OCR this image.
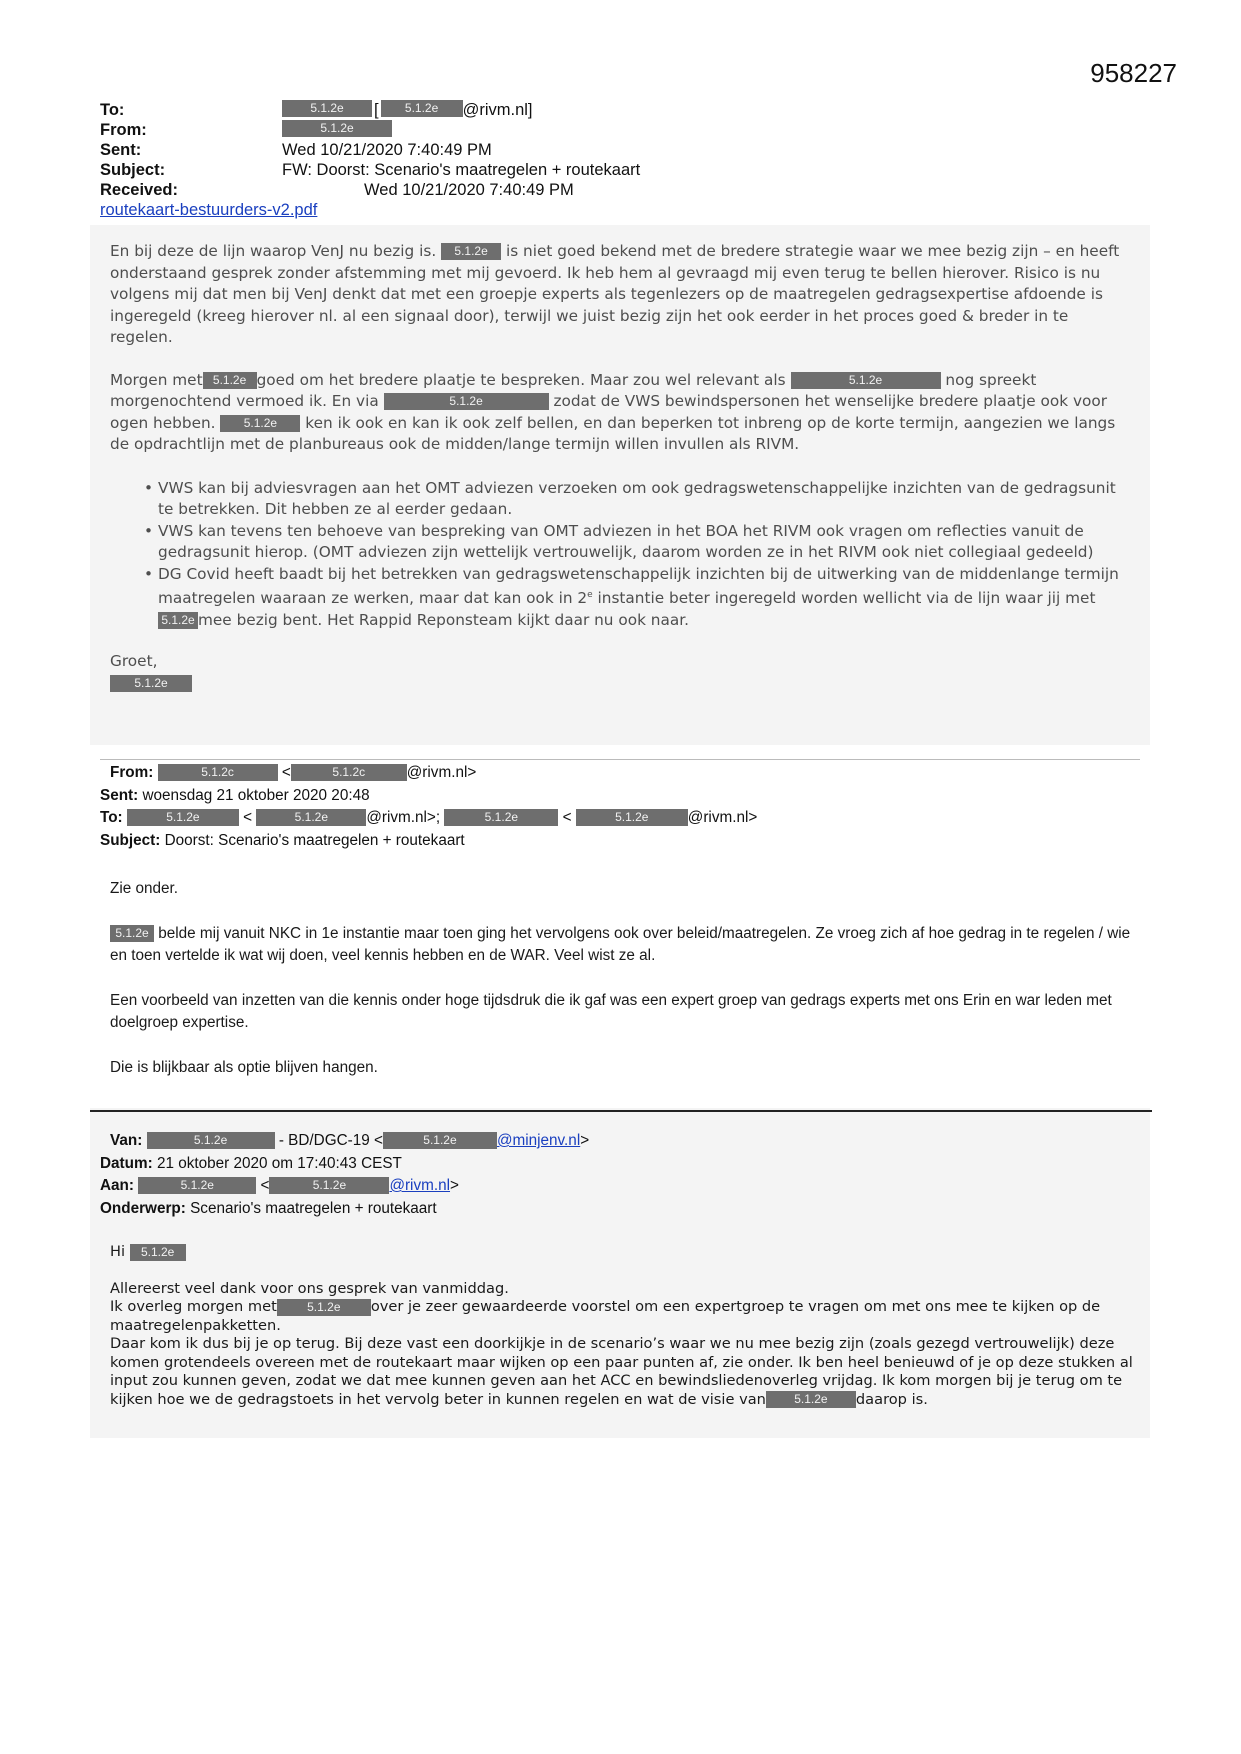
958227
To:	5.1.2e	[	5.1.2e	@rivm.nl]
From:	5.1.2e
Sent:	Wed 10/21/2020 7:40:49 PM
Subject:	FW: Doorst: Scenario's maatregelen + routekaart
Received:	Wed 10/21/2020 7:40:49 PM
routekaart-bestuurders-v2.pdf

En bij deze de lijn waarop VenJ nu bezig is. 5.1.2e is niet goed bekend met de bredere strategie waar we mee bezig zijn – en heeft onderstaand gesprek zonder afstemming met mij gevoerd. Ik heb hem al gevraagd mij even terug te bellen hierover. Risico is nu volgens mij dat men bij VenJ denkt dat met een groepje experts als tegenlezers op de maatregelen gedragsexpertise afdoende is ingeregeld (kreeg hierover nl. al een signaal door), terwijl we juist bezig zijn het ook eerder in het proces goed & breder in te regelen.

Morgen met 5.1.2e goed om het bredere plaatje te bespreken. Maar zou wel relevant als	5.1.2e	nog spreekt morgenochtend vermoed ik. En via	5.1.2e	zodat de VWS bewindspersonen het wenselijke bredere plaatje ook voor ogen hebben. 5.1.2e ken ik ook en kan ik ook zelf bellen, en dan beperken tot inbreng op de korte termijn, aangezien we langs de opdrachtlijn met de planbureaus ook de midden/lange termijn willen invullen als RIVM.

• VWS kan bij adviesvragen aan het OMT adviezen verzoeken om ook gedragswetenschappelijke inzichten van de gedragsunit te betrekken. Dit hebben ze al eerder gedaan.
• VWS kan tevens ten behoeve van bespreking van OMT adviezen in het BOA het RIVM ook vragen om reflecties vanuit de gedragsunit hierop. (OMT adviezen zijn wettelijk vertrouwelijk, daarom worden ze in het RIVM ook niet collegiaal gedeeld)
• DG Covid heeft baadt bij het betrekken van gedragswetenschappelijk inzichten bij de uitwerking van de middenlange termijn maatregelen waaraan ze werken, maar dat kan ook in 2e instantie beter ingeregeld worden wellicht via de lijn waar jij met5.1.2e mee bezig bent. Het Rappid Reponsteam kijkt daar nu ook naar.

Groet,

5.1.2e

From:	5.1.2c	<	5.1.2c	@rivm.nl>
Sent: woensdag 21 oktober 2020 20:48
To:	5.1.2e	<	5.1.2e	@rivm.nl>;	5.1.2e	<	5.1.2e	@rivm.nl>
Subject: Doorst: Scenario's maatregelen + routekaart

Zie onder.

5.1.2e belde mij vanuit NKC in 1e instantie maar toen ging het vervolgens ook over beleid/maatregelen. Ze vroeg zich af hoe gedrag in te regelen / wie en toen vertelde ik wat wij doen, veel kennis hebben en de WAR. Veel wist ze al.

Een voorbeeld van inzetten van die kennis onder hoge tijdsdruk die ik gaf was een expert groep van gedrags experts met ons Erin en war leden met doelgroep expertise.

Die is blijkbaar als optie blijven hangen.

Van:	5.1.2e	- BD/DGC-19 <	5.1.2e	@minjenv.nl>
Datum: 21 oktober 2020 om 17:40:43 CEST
Aan:	5.1.2e	<	5.1.2e	@rivm.nl>
Onderwerp: Scenario's maatregelen + routekaart

Hi 5.1.2e

Allereerst veel dank voor ons gesprek van vanmiddag.

Ik overleg morgen met	5.1.2e over je zeer gewaardeerde voorstel om een expertgroep te vragen om met ons mee te kijken op de maatregelenpakketten.

Daar kom ik dus bij je op terug. Bij deze vast een doorkijkje in de scenario’s waar we nu mee bezig zijn (zoals gezegd vertrouwelijk) deze komen grotendeels overeen met de routekaart maar wijken op een paar punten af, zie onder. Ik ben heel benieuwd of je op deze stukken al input zou kunnen geven, zodat we dat mee kunnen geven aan het ACC en bewindsliedenoverleg vrijdag. Ik kom morgen bij je terug om te kijken hoe we de gedragstoets in het vervolg beter in kunnen regelen en wat de visie van 5.1.2e daarop is.
